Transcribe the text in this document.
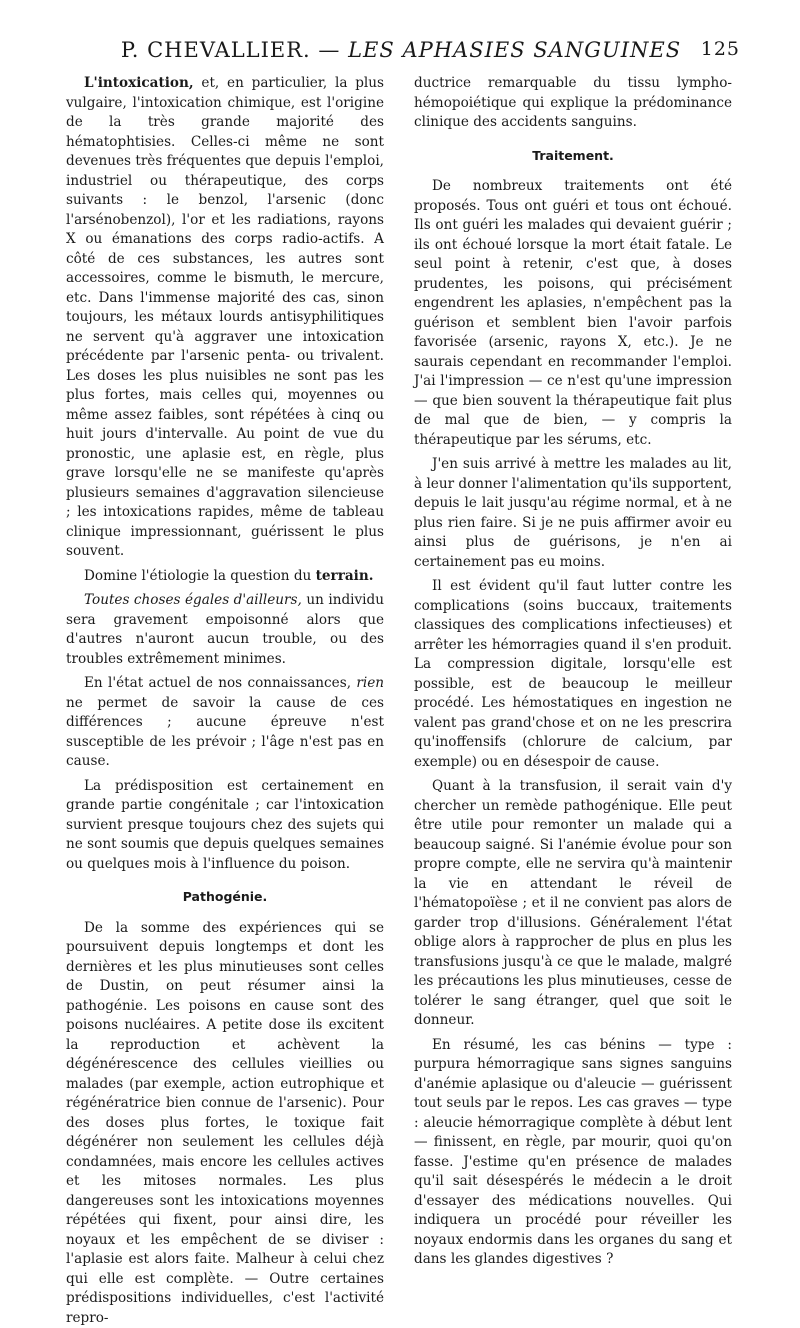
P. CHEVALLIER. — LES APHASIES SANGUINES	125

L'intoxication, et, en particulier, la plus vulgaire, l'intoxication chimique, est l'origine de la très grande majorité des hématophtisies. Celles-ci même ne sont devenues très fréquentes que depuis l'emploi, industriel ou thérapeutique, des corps suivants : le benzol, l'arsenic (donc l'arsénobenzol), l'or et les radiations, rayons X ou émanations des corps radio-actifs. A côté de ces substances, les autres sont accessoires, comme le bismuth, le mercure, etc. Dans l'immense majorité des cas, sinon toujours, les métaux lourds antisyphilitiques ne servent qu'à aggraver une intoxication précédente par l'arsenic penta- ou trivalent. Les doses les plus nuisibles ne sont pas les plus fortes, mais celles qui, moyennes ou même assez faibles, sont répétées à cinq ou huit jours d'intervalle. Au point de vue du pronostic, une aplasie est, en règle, plus grave lorsqu'elle ne se manifeste qu'après plusieurs semaines d'aggravation silencieuse ; les intoxications rapides, même de tableau clinique impressionnant, guérissent le plus souvent.

Domine l'étiologie la question du terrain.

Toutes choses égales d'ailleurs, un individu sera gravement empoisonné alors que d'autres n'auront aucun trouble, ou des troubles extrêmement minimes.

En l'état actuel de nos connaissances, rien ne permet de savoir la cause de ces différences ; aucune épreuve n'est susceptible de les prévoir ; l'âge n'est pas en cause.

La prédisposition est certainement en grande partie congénitale ; car l'intoxication survient presque toujours chez des sujets qui ne sont soumis que depuis quelques semaines ou quelques mois à l'influence du poison.

Pathogénie.

De la somme des expériences qui se poursuivent depuis longtemps et dont les dernières et les plus minutieuses sont celles de Dustin, on peut résumer ainsi la pathogénie. Les poisons en cause sont des poisons nucléaires. A petite dose ils excitent la reproduction et achèvent la dégénérescence des cellules vieillies ou malades (par exemple, action eutrophique et régénératrice bien connue de l'arsenic). Pour des doses plus fortes, le toxique fait dégénérer non seulement les cellules déjà condamnées, mais encore les cellules actives et les mitoses normales. Les plus dangereuses sont les intoxications moyennes répétées qui fixent, pour ainsi dire, les noyaux et les empêchent de se diviser : l'aplasie est alors faite. Malheur à celui chez qui elle est complète. — Outre certaines prédispositions individuelles, c'est l'activité repro-

ductrice remarquable du tissu lympho-hémopoiétique qui explique la prédominance clinique des accidents sanguins.

Traitement.

De nombreux traitements ont été proposés. Tous ont guéri et tous ont échoué. Ils ont guéri les malades qui devaient guérir ; ils ont échoué lorsque la mort était fatale. Le seul point à retenir, c'est que, à doses prudentes, les poisons, qui précisément engendrent les aplasies, n'empêchent pas la guérison et semblent bien l'avoir parfois favorisée (arsenic, rayons X, etc.). Je ne saurais cependant en recommander l'emploi. J'ai l'impression — ce n'est qu'une impression — que bien souvent la thérapeutique fait plus de mal que de bien, — y compris la thérapeutique par les sérums, etc.

J'en suis arrivé à mettre les malades au lit, à leur donner l'alimentation qu'ils supportent, depuis le lait jusqu'au régime normal, et à ne plus rien faire. Si je ne puis affirmer avoir eu ainsi plus de guérisons, je n'en ai certainement pas eu moins.

Il est évident qu'il faut lutter contre les complications (soins buccaux, traitements classiques des complications infectieuses) et arrêter les hémorragies quand il s'en produit. La compression digitale, lorsqu'elle est possible, est de beaucoup le meilleur procédé. Les hémostatiques en ingestion ne valent pas grand'chose et on ne les prescrira qu'inoffensifs (chlorure de calcium, par exemple) ou en désespoir de cause.

Quant à la transfusion, il serait vain d'y chercher un remède pathogénique. Elle peut être utile pour remonter un malade qui a beaucoup saigné. Si l'anémie évolue pour son propre compte, elle ne servira qu'à maintenir la vie en attendant le réveil de l'hématopoïèse ; et il ne convient pas alors de garder trop d'illusions. Généralement l'état oblige alors à rapprocher de plus en plus les transfusions jusqu'à ce que le malade, malgré les précautions les plus minutieuses, cesse de tolérer le sang étranger, quel que soit le donneur.

En résumé, les cas bénins — type : purpura hémorragique sans signes sanguins d'anémie aplasique ou d'aleucie — guérissent tout seuls par le repos. Les cas graves — type : aleucie hémorragique complète à début lent — finissent, en règle, par mourir, quoi qu'on fasse. J'estime qu'en présence de malades qu'il sait désespérés le médecin a le droit d'essayer des médications nouvelles. Qui indiquera un procédé pour réveiller les noyaux endormis dans les organes du sang et dans les glandes digestives ?
